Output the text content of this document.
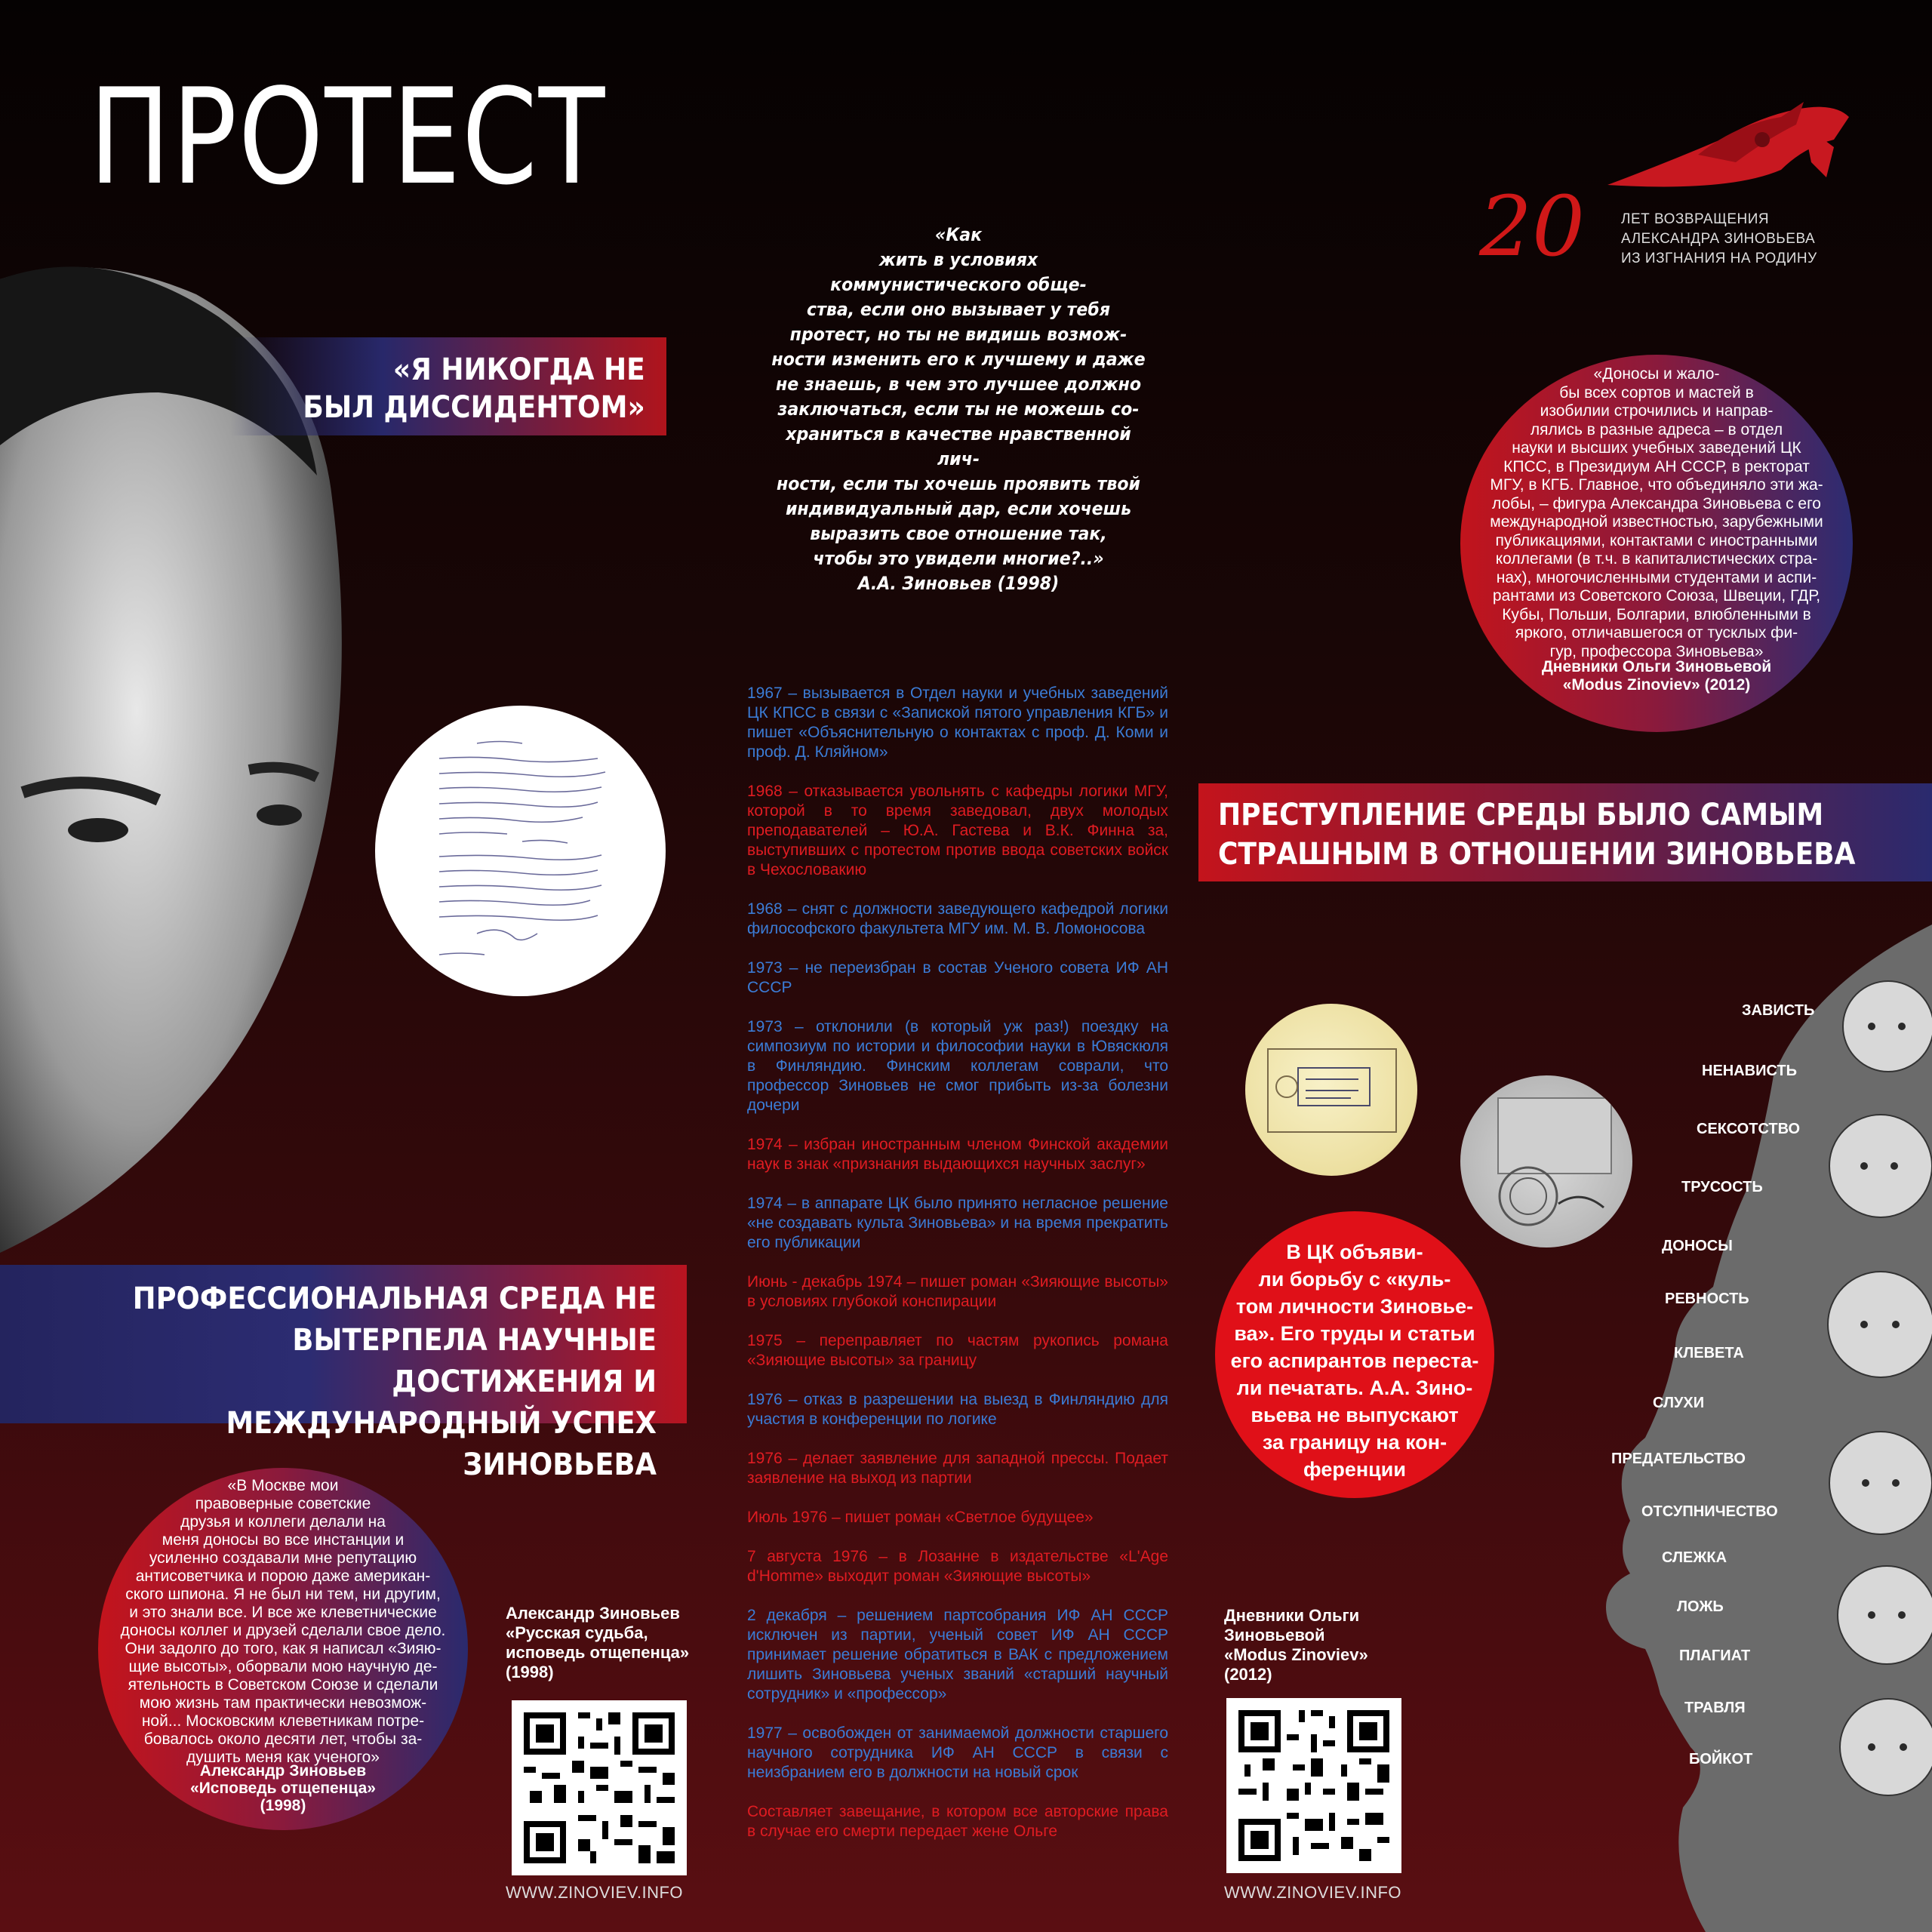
ПРОТЕСТ
«Я НИКОГДА НЕ
БЫЛ ДИССИДЕНТОМ»
«Как
жить в условиях
коммунистического обще-
ства, если оно вызывает у тебя
протест, но ты не видишь возмож-
ности изменить его к лучшему и даже
не знаешь, в чем это лучшее должно
заключаться, если ты не можешь со-
храниться в качестве нравственной лич-
ности, если ты хочешь проявить твой
индивидуальный дар, если хочешь
выразить свое отношение так,
чтобы это увидели многие?..»
А.А. Зиновьев (1998)
20	ЛЕТ ВОЗВРАЩЕНИЯ
АЛЕКСАНДРА ЗИНОВЬЕВА
ИЗ ИЗГНАНИЯ НА РОДИНУ
«Доносы и жало-
бы всех сортов и мастей в
изобилии строчились и направ-
лялись в разные адреса – в отдел
науки и высших учебных заведений ЦК
КПСС, в Президиум АН СССР, в ректорат
МГУ, в КГБ. Главное, что объединяло эти жа-
лобы, – фигура Александра Зиновьева с его
международной известностью, зарубежными
публикациями, контактами с иностранными
коллегами (в т.ч. в капиталистических стра-
нах), многочисленными студентами и аспи-
рантами из Советского Союза, Швеции, ГДР,
Кубы, Польши, Болгарии, влюбленными в
яркого, отличавшегося от тусклых фи-
гур, профессора Зиновьева»
Дневники Ольги Зиновьевой
«Modus Zinoviev» (2012)
ПРЕСТУПЛЕНИЕ СРЕДЫ БЫЛО САМЫМ
СТРАШНЫМ В ОТНОШЕНИИ ЗИНОВЬЕВА
1967 – вызывается в Отдел науки и учебных заведений ЦК КПСС в связи с «Запиской пятого управления КГБ» и пишет «Объяснительную о контактах с проф. Д. Коми и проф. Д. Кляйном»
1968 – отказывается увольнять с кафедры логики МГУ, которой в то время заведовал, двух молодых преподавателей – Ю.А. Гастева и В.К. Финна за, выступивших с протестом против ввода советских войск в Чехословакию
1968 – снят с должности заведующего кафедрой логики философского факультета МГУ им. М. В. Ломоносова
1973 – не переизбран в состав Ученого совета ИФ АН СССР
1973 – отклонили (в который уж раз!) поездку на симпозиум по истории и философии науки в Ювяскюля в Финляндию. Финским коллегам соврали, что профессор Зиновьев не смог прибыть из-за болезни дочери
1974 – избран иностранным членом Финской академии наук в знак «признания выдающихся научных заслуг»
1974 – в аппарате ЦК было принято негласное решение «не создавать культа Зиновьева» и на время прекратить его публикации
Июнь - декабрь 1974 – пишет роман «Зияющие высоты» в условиях глубокой конспирации
1975 – переправляет по частям рукопись романа «Зияющие высоты» за границу
1976 – отказ в разрешении на выезд в Финляндию для участия в конференции по логике
1976 – делает заявление для западной прессы. Подает заявление на выход из партии
Июль 1976 – пишет роман «Светлое будущее»
7 августа 1976 – в Лозанне в издательстве «L'Age d'Homme» выходит роман «Зияющие высоты»
2 декабря – решением партсобрания ИФ АН СССР исключен из партии, ученый совет ИФ АН СССР принимает решение обратиться в ВАК с предложением лишить Зиновьева ученых званий «старший научный сотрудник» и «профессор»
1977 – освобожден от занимаемой должности старшего научного сотрудника ИФ АН СССР в связи с неизбранием его в должности на новый срок
Составляет завещание, в котором все авторские права в случае его смерти передает жене Ольге
В ЦК объяви-
ли борьбу с «куль-
том личности Зиновье-
ва». Его труды и статьи
его аспирантов переста-
ли печатать. А.А. Зино-
вьева не выпускают
за границу на кон-
ференции
ПРОФЕССИОНАЛЬНАЯ СРЕДА НЕ
ВЫТЕРПЕЛА НАУЧНЫЕ ДОСТИЖЕНИЯ И
МЕЖДУНАРОДНЫЙ УСПЕХ ЗИНОВЬЕВА
«В Москве мои
правоверные советские
друзья и коллеги делали на
меня доносы во все инстанции и
усиленно создавали мне репутацию
антисоветчика и порою даже американ-
ского шпиона. Я не был ни тем, ни другим,
и это знали все. И все же клеветнические
доносы коллег и друзей сделали свое дело.
Они задолго до того, как я написал «Зияю-
щие высоты», оборвали мою научную де-
ятельность в Советском Союзе и сделали
мою жизнь там практически невозмож-
ной... Московским клеветникам потре-
бовалось около десяти лет, чтобы за-
душить меня как ученого»
Александр Зиновьев
«Исповедь отщепенца»
(1998)
Александр Зиновьев
«Русская судьба,
исповедь отщепенца»
(1998)
WWW.ZINOVIEV.INFO
Дневники Ольги
Зиновьевой
«Modus Zinoviev»
(2012)
WWW.ZINOVIEV.INFO
ЗАВИСТЬ
НЕНАВИСТЬ
СЕКСОТСТВО
ТРУСОСТЬ
ДОНОСЫ
РЕВНОСТЬ
КЛЕВЕТА
СЛУХИ
ПРЕДАТЕЛЬСТВО
ОТСУПНИЧЕСТВО
СЛЕЖКА
ЛОЖЬ
ПЛАГИАТ
ТРАВЛЯ
БОЙКОТ
